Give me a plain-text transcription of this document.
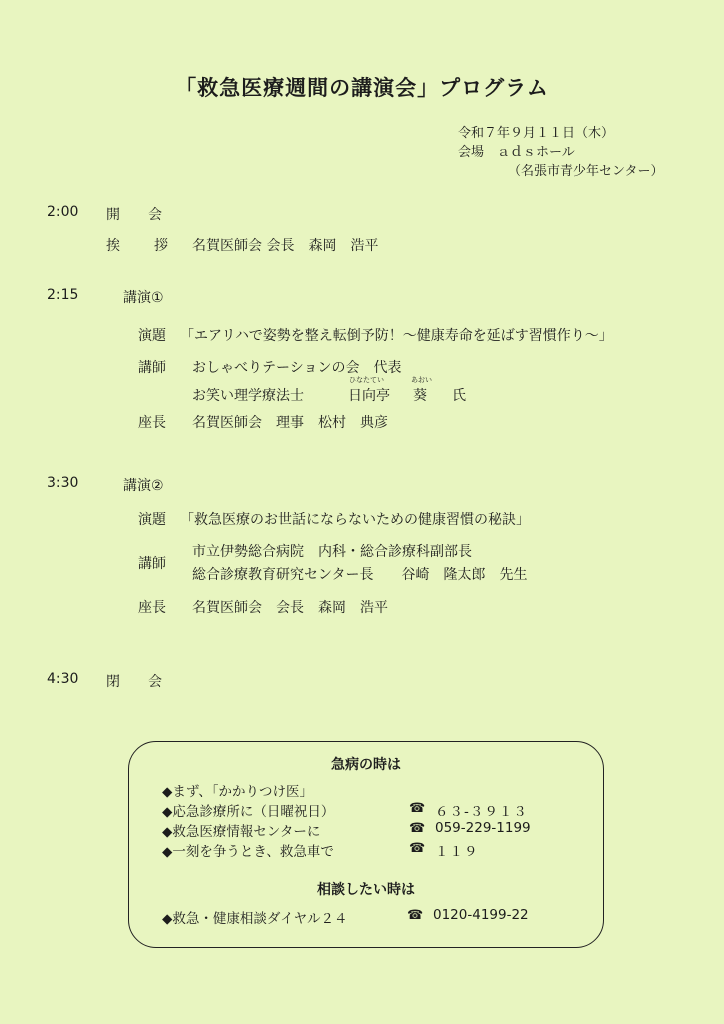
「救急医療週間の講演会」プログラム
令和７年９月１１日（木）
会場　ａｄｓホール
（名張市青少年センター）
2:00 開　　会
挨　拶 名賀医師会 会長　森岡　浩平
2:15	講演①
演題 「エアリハで姿勢を整え転倒予防！～健康寿命を延ばす習慣作り～」
講師 おしゃべりテーションの会　代表
お笑い理学療法士
ひなたてい
日向亭
あおい
葵 氏
座長 名賀医師会　理事　松村　典彦
3:30	講演②
演題 「救急医療のお世話にならないための健康習慣の秘訣」
講師
市立伊勢総合病院　内科・総合診療科副部長
総合診療教育研究センター長　　谷崎　隆太郎　先生
座長 名賀医師会　会長　森岡　浩平
4:30 閉　　会
急病の時は
◆まず、「かかりつけ医」
◆応急診療所に（日曜祝日）	☎ ６３-３９１３
◆救急医療情報センターに	☎ 059-229-1199
◆一刻を争うとき、救急車で	☎ １１９
相談したい時は
◆救急・健康相談ダイヤル２４	☎ 0120-4199-22
